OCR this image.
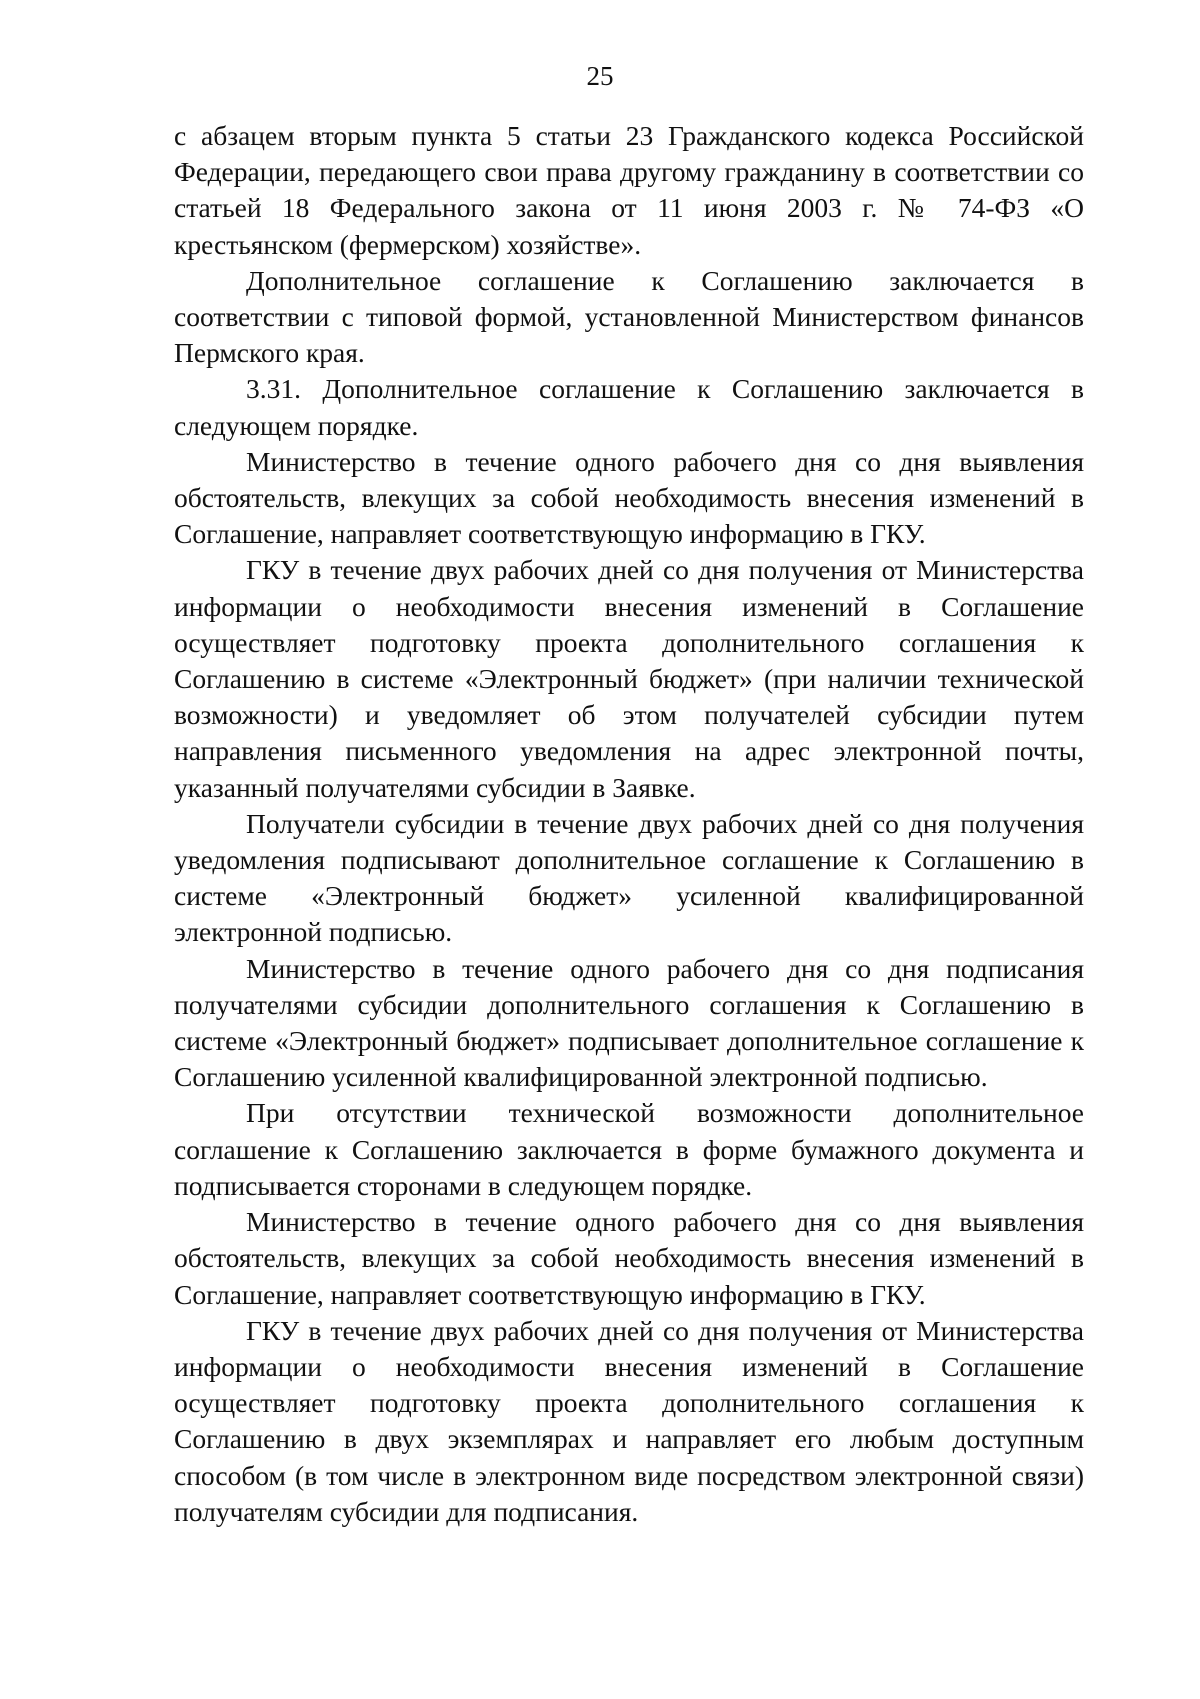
25

с абзацем вторым пункта 5 статьи 23 Гражданского кодекса Российской Федерации, передающего свои права другому гражданину в соответствии со статьей 18 Федерального закона от 11 июня 2003 г. № 74-ФЗ «О крестьянском (фермерском) хозяйстве».

Дополнительное соглашение к Соглашению заключается в соответствии с типовой формой, установленной Министерством финансов Пермского края.

3.31. Дополнительное соглашение к Соглашению заключается в следующем порядке.

Министерство в течение одного рабочего дня со дня выявления обстоятельств, влекущих за собой необходимость внесения изменений в Соглашение, направляет соответствующую информацию в ГКУ.

ГКУ в течение двух рабочих дней со дня получения от Министерства информации о необходимости внесения изменений в Соглашение осуществляет подготовку проекта дополнительного соглашения к Соглашению в системе «Электронный бюджет» (при наличии технической возможности) и уведомляет об этом получателей субсидии путем направления письменного уведомления на адрес электронной почты, указанный получателями субсидии в Заявке.

Получатели субсидии в течение двух рабочих дней со дня получения уведомления подписывают дополнительное соглашение к Соглашению в системе «Электронный бюджет» усиленной квалифицированной электронной подписью.

Министерство в течение одного рабочего дня со дня подписания получателями субсидии дополнительного соглашения к Соглашению в системе «Электронный бюджет» подписывает дополнительное соглашение к Соглашению усиленной квалифицированной электронной подписью.

При отсутствии технической возможности дополнительное соглашение к Соглашению заключается в форме бумажного документа и подписывается сторонами в следующем порядке.

Министерство в течение одного рабочего дня со дня выявления обстоятельств, влекущих за собой необходимость внесения изменений в Соглашение, направляет соответствующую информацию в ГКУ.

ГКУ в течение двух рабочих дней со дня получения от Министерства информации о необходимости внесения изменений в Соглашение осуществляет подготовку проекта дополнительного соглашения к Соглашению в двух экземплярах и направляет его любым доступным способом (в том числе в электронном виде посредством электронной связи) получателям субсидии для подписания.
